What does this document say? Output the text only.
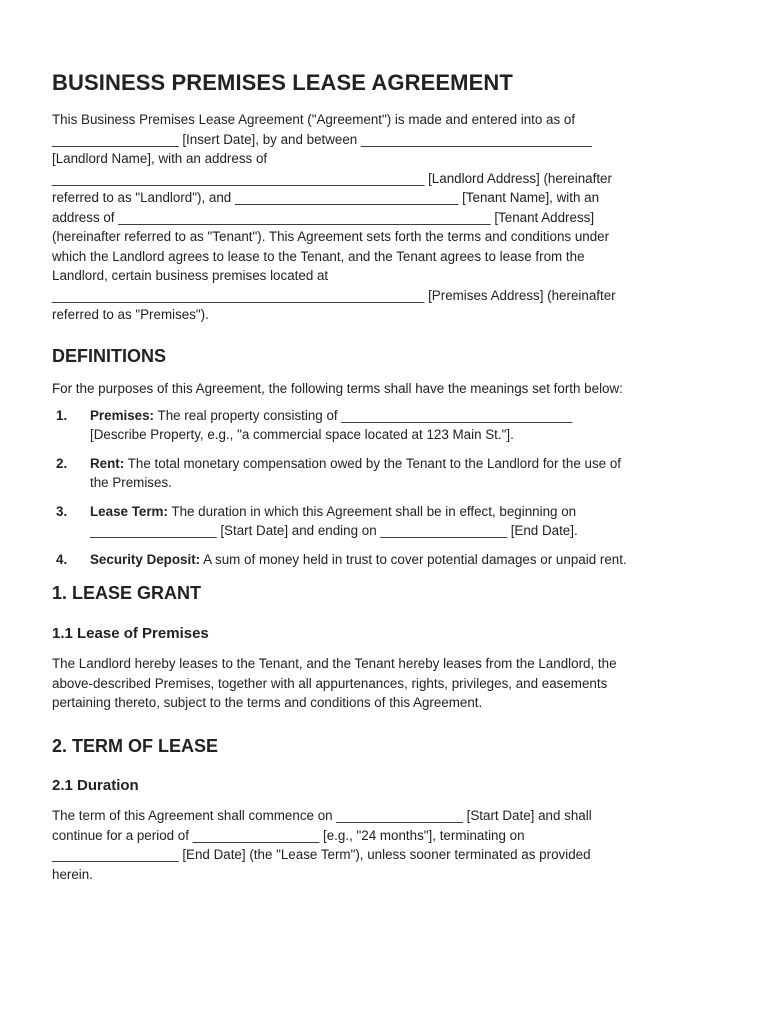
BUSINESS PREMISES LEASE AGREEMENT

This Business Premises Lease Agreement ("Agreement") is made and entered into as of
_________________ [Insert Date], by and between _______________________________
[Landlord Name], with an address of
__________________________________________________ [Landlord Address] (hereinafter
referred to as "Landlord"), and ______________________________ [Tenant Name], with an
address of __________________________________________________ [Tenant Address]
(hereinafter referred to as "Tenant"). This Agreement sets forth the terms and conditions under
which the Landlord agrees to lease to the Tenant, and the Tenant agrees to lease from the
Landlord, certain business premises located at
__________________________________________________ [Premises Address] (hereinafter
referred to as "Premises").

DEFINITIONS

For the purposes of this Agreement, the following terms shall have the meanings set forth below:

1. Premises: The real property consisting of _______________________________
[Describe Property, e.g., "a commercial space located at 123 Main St."].
2. Rent: The total monetary compensation owed by the Tenant to the Landlord for the use of
the Premises.
3. Lease Term: The duration in which this Agreement shall be in effect, beginning on
_________________ [Start Date] and ending on _________________ [End Date].
4. Security Deposit: A sum of money held in trust to cover potential damages or unpaid rent.
1. LEASE GRANT
1.1 Lease of Premises

The Landlord hereby leases to the Tenant, and the Tenant hereby leases from the Landlord, the
above-described Premises, together with all appurtenances, rights, privileges, and easements
pertaining thereto, subject to the terms and conditions of this Agreement.

2. TERM OF LEASE
2.1 Duration

The term of this Agreement shall commence on _________________ [Start Date] and shall
continue for a period of _________________ [e.g., "24 months"], terminating on
_________________ [End Date] (the "Lease Term"), unless sooner terminated as provided
herein.
